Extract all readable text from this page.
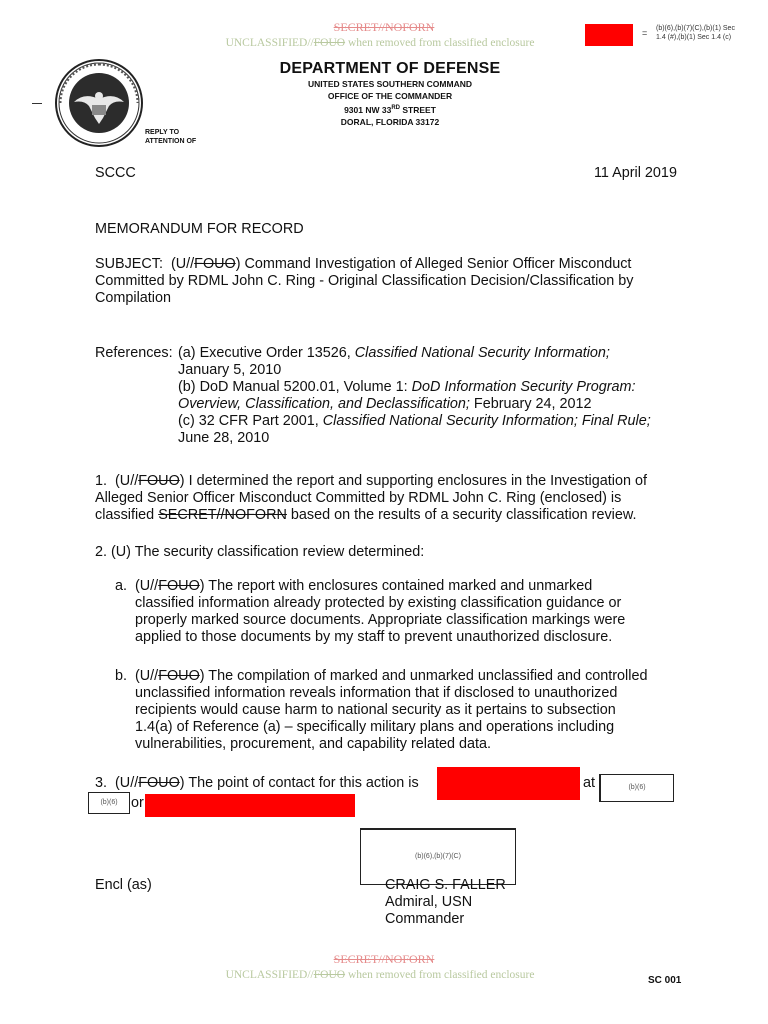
SECRET//NOFORN
UNCLASSIFIED//FOUO when removed from classified enclosure
= (b)(6),(b)(7)(C),(b)(1) Sec
1.4 (#),(b)(1) Sec 1.4 (c)
DEPARTMENT OF DEFENSE
UNITED STATES SOUTHERN COMMAND
OFFICE OF THE COMMANDER
9301 NW 33RD STREET
DORAL, FLORIDA 33172
REPLY TO
ATTENTION OF
SCCC	11 April 2019
MEMORANDUM FOR RECORD
SUBJECT: (U//FOUO) Command Investigation of Alleged Senior Officer Misconduct
Committed by RDML John C. Ring - Original Classification Decision/Classification by
Compilation
References: (a) Executive Order 13526, Classified National Security Information;
January 5, 2010
(b) DoD Manual 5200.01, Volume 1: DoD Information Security Program:
Overview, Classification, and Declassification; February 24, 2012
(c) 32 CFR Part 2001, Classified National Security Information; Final Rule;
June 28, 2010
1. (U//FOUO) I determined the report and supporting enclosures in the Investigation of
Alleged Senior Officer Misconduct Committed by RDML John C. Ring (enclosed) is
classified SECRET//NOFORN based on the results of a security classification review.
2. (U) The security classification review determined:
a. (U//FOUO) The report with enclosures contained marked and unmarked
classified information already protected by existing classification guidance or
properly marked source documents. Appropriate classification markings were
applied to those documents by my staff to prevent unauthorized disclosure.
b. (U//FOUO) The compilation of marked and unmarked unclassified and controlled
unclassified information reveals information that if disclosed to unauthorized
recipients would cause harm to national security as it pertains to subsection
1.4(a) of Reference (a) – specifically military plans and operations including
vulnerabilities, procurement, and capability related data.
3. (U//FOUO) The point of contact for this action is	at	(b)(6)
(b)(6) or
(b)(6),(b)(7)(C)
Encl (as)	CRAIG S. FALLER
Admiral, USN
Commander
SECRET//NOFORN
UNCLASSIFIED//FOUO when removed from classified enclosure	SC 001
